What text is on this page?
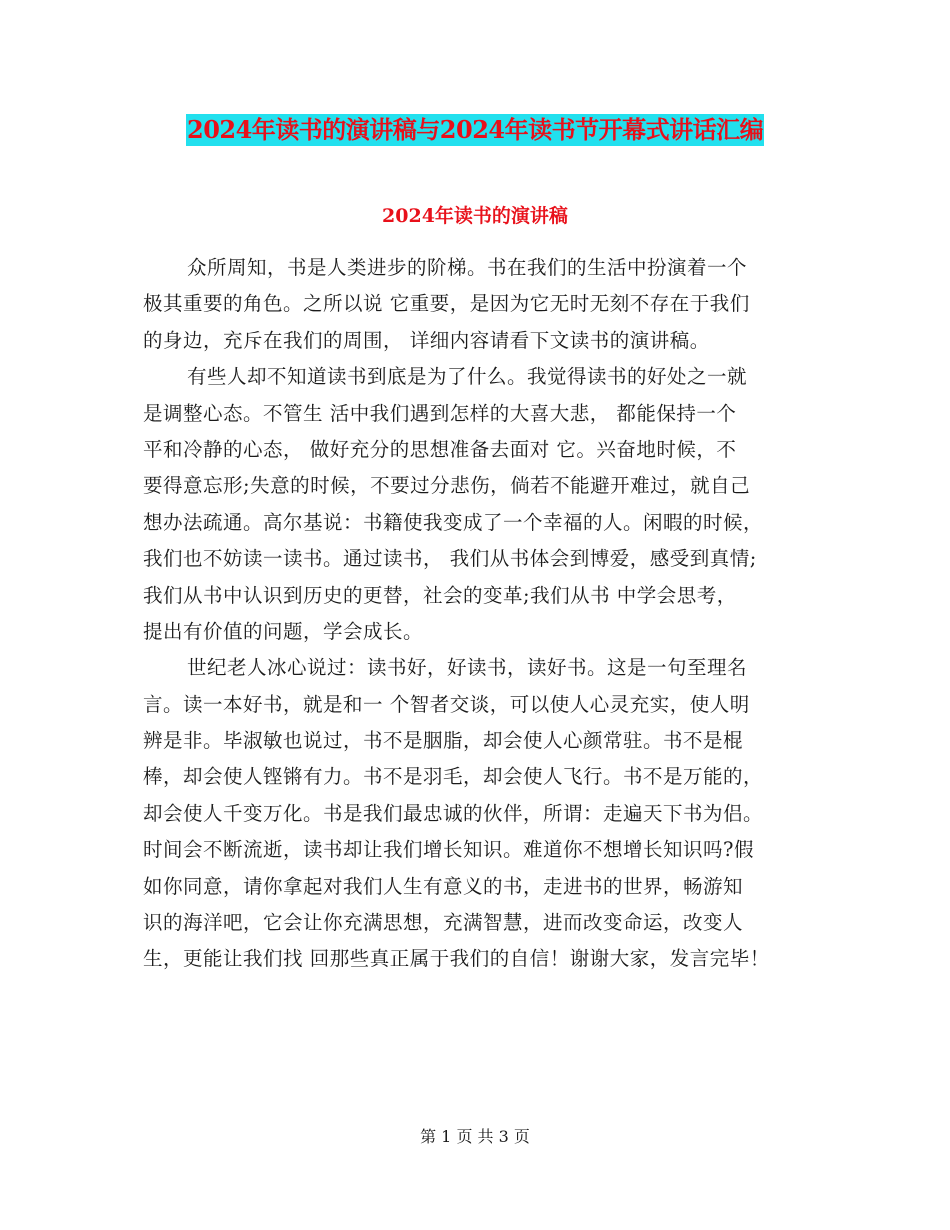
2024年读书的演讲稿与2024年读书节开幕式讲话汇编
2024年读书的演讲稿
众所周知，书是人类进步的阶梯。书在我们的生活中扮演着一个
极其重要的角色。之所以说 它重要，是因为它无时无刻不存在于我们
的身边，充斥在我们的周围， 详细内容请看下文读书的演讲稿。
有些人却不知道读书到底是为了什么。我觉得读书的好处之一就
是调整心态。不管生 活中我们遇到怎样的大喜大悲， 都能保持一个
平和冷静的心态， 做好充分的思想准备去面对 它。兴奋地时候，不
要得意忘形;失意的时候，不要过分悲伤，倘若不能避开难过，就自己
想办法疏通。高尔基说：书籍使我变成了一个幸福的人。闲暇的时候，
我们也不妨读一读书。通过读书， 我们从书体会到博爱，感受到真情;
我们从书中认识到历史的更替，社会的变革;我们从书 中学会思考，
提出有价值的问题，学会成长。
世纪老人冰心说过：读书好，好读书，读好书。这是一句至理名
言。读一本好书，就是和一 个智者交谈，可以使人心灵充实，使人明
辨是非。毕淑敏也说过，书不是胭脂，却会使人心颜常驻。书不是棍
棒，却会使人铿锵有力。书不是羽毛，却会使人飞行。书不是万能的，
却会使人千变万化。书是我们最忠诚的伙伴，所谓：走遍天下书为侣。
时间会不断流逝，读书却让我们增长知识。难道你不想增长知识吗?假
如你同意，请你拿起对我们人生有意义的书，走进书的世界，畅游知
识的海洋吧，它会让你充满思想，充满智慧，进而改变命运，改变人
生，更能让我们找 回那些真正属于我们的自信！谢谢大家，发言完毕！
第 1 页 共 3 页
